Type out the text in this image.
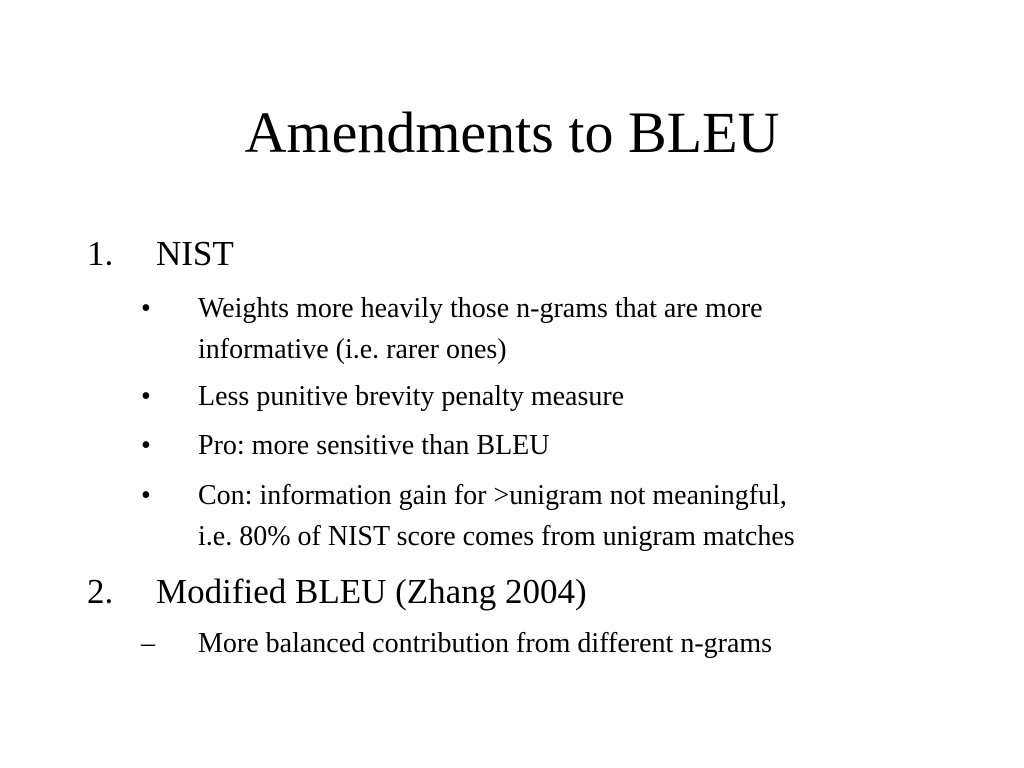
Amendments to BLEU
1. NIST
• Weights more heavily those n-grams that are more
informative (i.e. rarer ones)
• Less punitive brevity penalty measure
• Pro: more sensitive than BLEU
• Con: information gain for >unigram not meaningful,
i.e. 80% of NIST score comes from unigram matches
2. Modified BLEU (Zhang 2004)
– More balanced contribution from different n-grams
